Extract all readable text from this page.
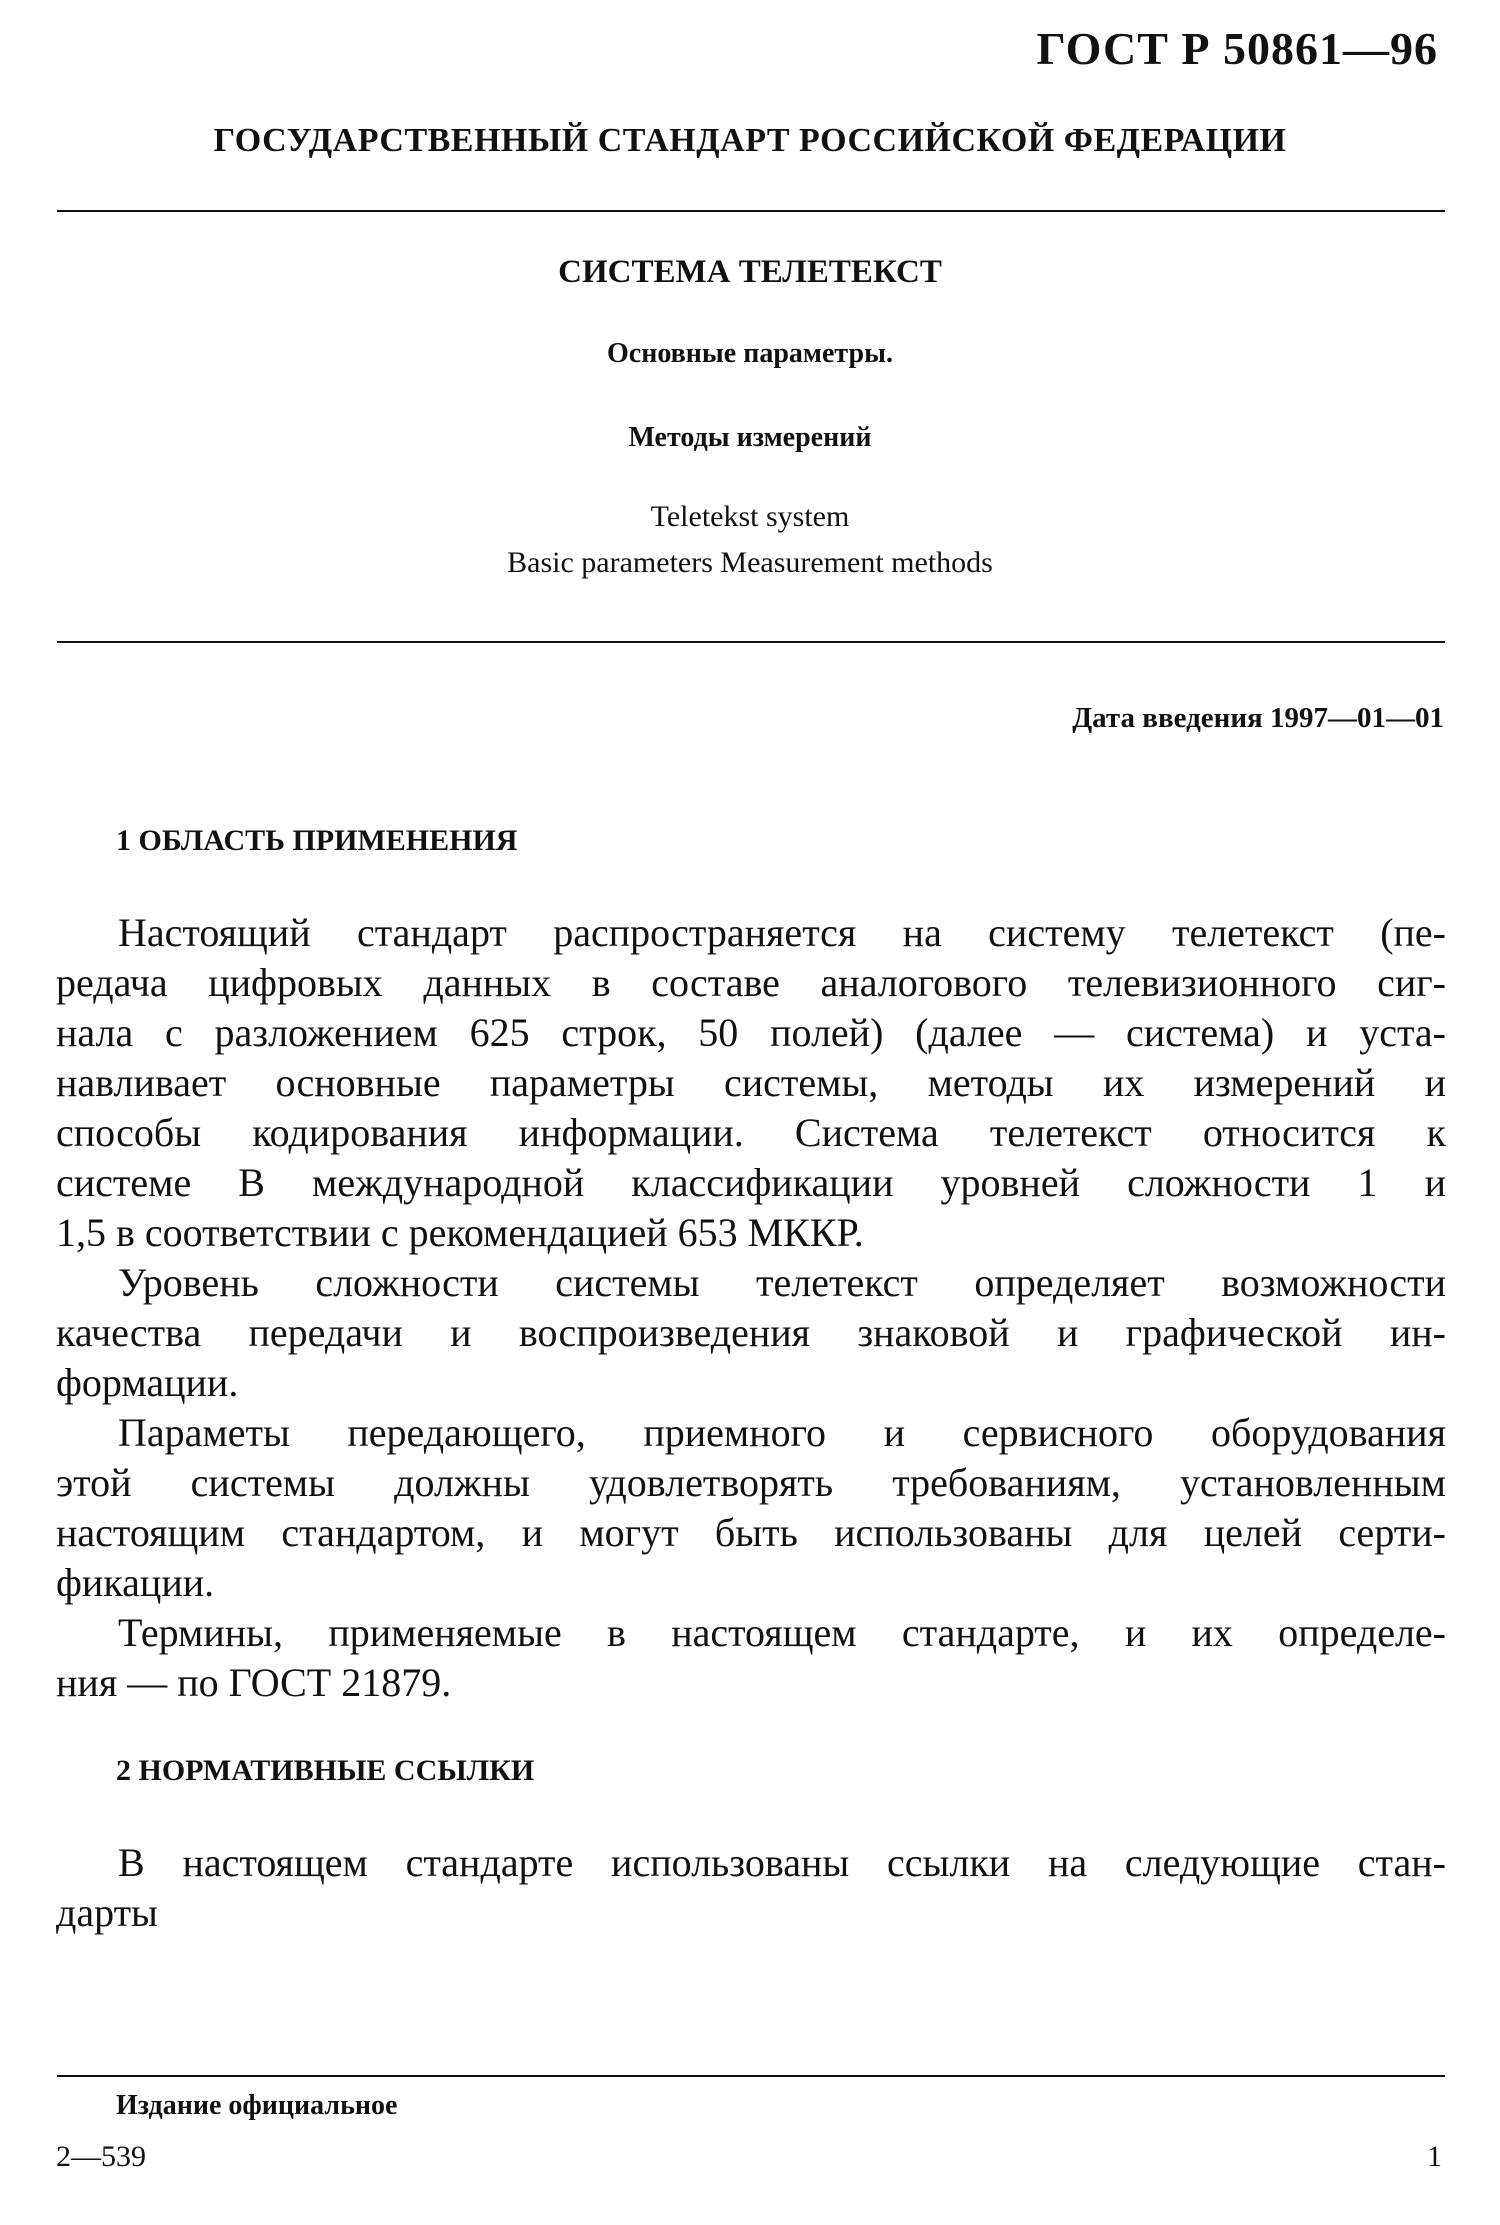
ГОСТ Р 50861—96
ГОСУДАРСТВЕННЫЙ СТАНДАРТ РОССИЙСКОЙ ФЕДЕРАЦИИ
СИСТЕМА ТЕЛЕТЕКСТ
Основные параметры.
Методы измерений
Teletekst system
Basic parameters Measurement methods
Дата введения 1997—01—01
1 ОБЛАСТЬ ПРИМЕНЕНИЯ
Настоящий стандарт распространяется на систему телетекст (пе-
редача цифровых данных в составе аналогового телевизионного сиг-
нала с разложением 625 строк, 50 полей) (далее — система) и уста-
навливает основные параметры системы, методы их измерений и
способы кодирования информации. Система телетекст относится к
системе В международной классификации уровней сложности 1 и
1,5 в соответствии с рекомендацией 653 МККР.
Уровень сложности системы телетекст определяет возможности
качества передачи и воспроизведения знаковой и графической ин-
формации.
Параметы передающего, приемного и сервисного оборудования
этой системы должны удовлетворять требованиям, установленным
настоящим стандартом, и могут быть использованы для целей серти-
фикации.
Термины, применяемые в настоящем стандарте, и их определе-
ния — по ГОСТ 21879.
2 НОРМАТИВНЫЕ ССЫЛКИ
В настоящем стандарте использованы ссылки на следующие стан-
дарты
Издание официальное
2—539	1
